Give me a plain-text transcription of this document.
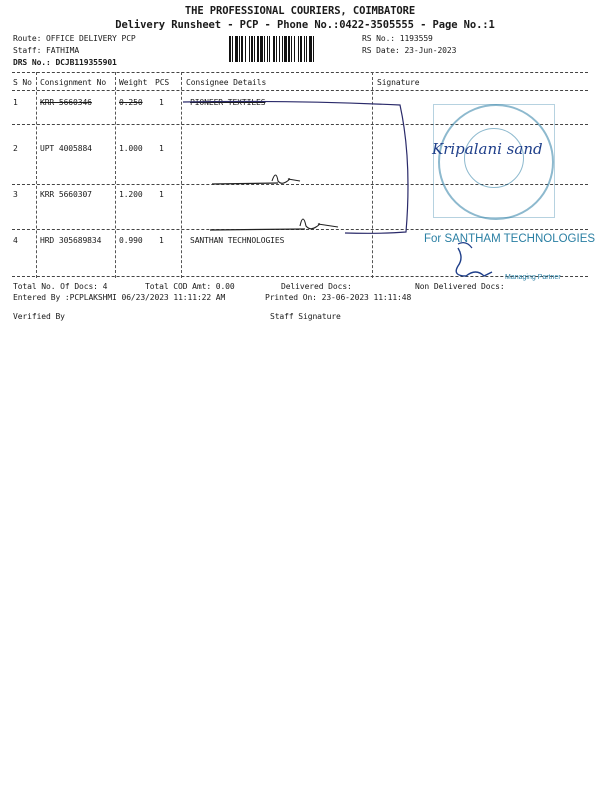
THE PROFESSIONAL COURIERS, COIMBATORE
Delivery Runsheet - PCP - Phone No.:0422-3505555 - Page No.:1
Route: OFFICE DELIVERY PCP
Staff: FATHIMA
DRS No.: DCJB119355901
RS No.: 1193559
RS Date: 23-Jun-2023
S No Consignment No Weight PCS Consignee Details	Signature
1	KRR 5660346	0.250 1	PIONEER TEXTILES
2	UPT 4005884	1.000 1
3	KRR 5660307	1.200 1
4	HRD 305689834 0.990 1	SANTHAN TECHNOLOGIES
Kripalani sand
For SANTHAM TECHNOLOGIES
Managing Partner
Total No. Of Docs: 4	Total COD Amt: 0.00	Delivered Docs:	Non Delivered Docs:
Entered By :PCPLAKSHMI 06/23/2023 11:11:22 AM	Printed On: 23-06-2023 11:11:48
Verified By	Staff Signature
